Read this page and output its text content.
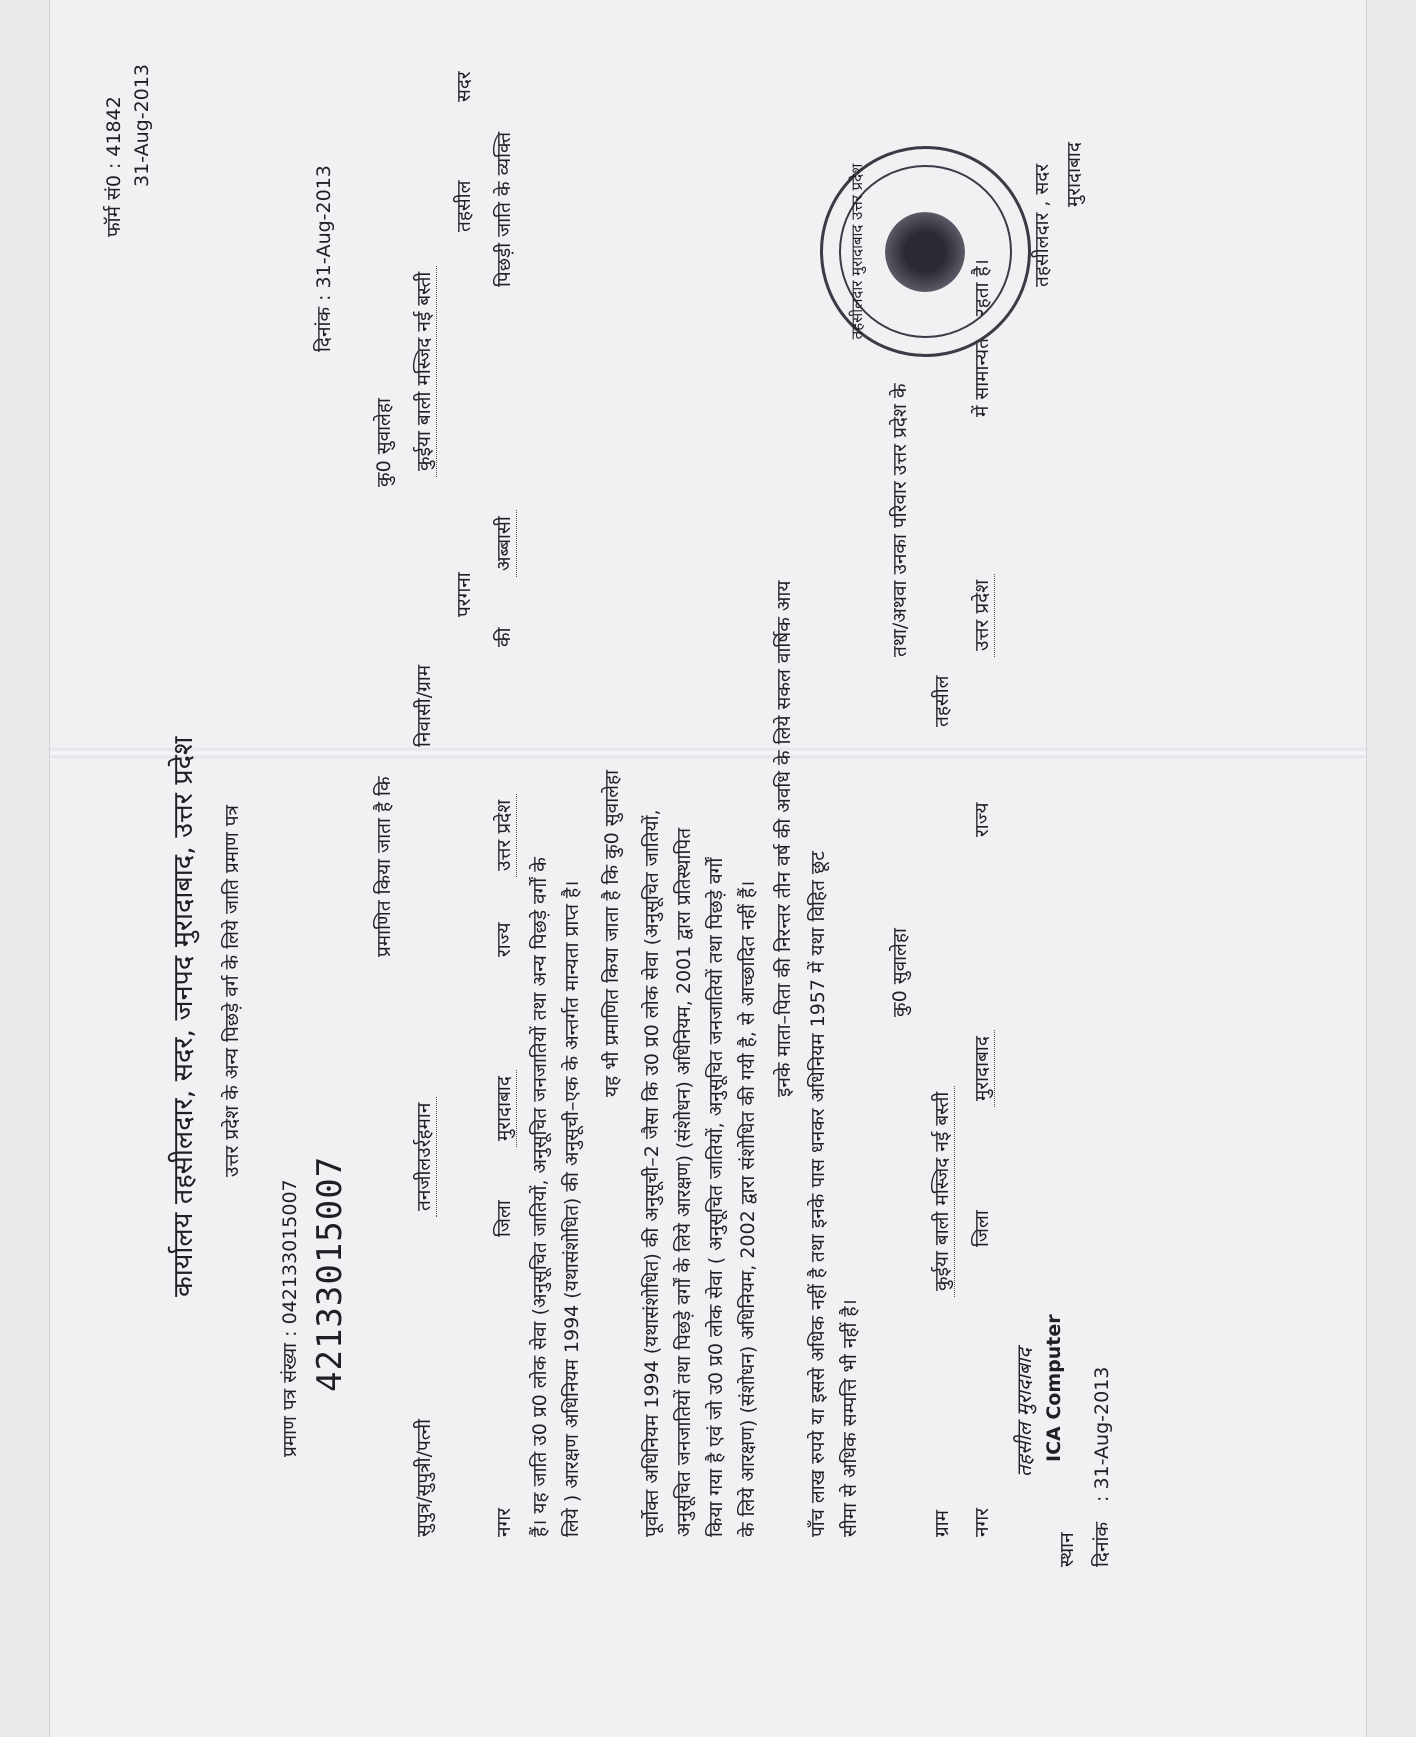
फॉर्म सं0 : 41842 31-Aug-2013
कार्यालय तहसीलदार, सदर, जनपद मुरादाबाद, उत्तर प्रदेश उत्तर प्रदेश के अन्य पिछड़े वर्ग के लिये जाति प्रमाण पत्र
प्रमाण पत्र संख्या : 042133015007 42133015007
दिनांक : 31-Aug-2013
प्रमाणित किया जाता है कि
कु0 सुवालेहा
सुपुत्र/सुपुत्री/पत्नी
तनजीलउर्रहमान
निवासी/ग्राम
कुईया बाली मस्जिद नई बस्ती
परगना
तहसील
सदर
नगर
जिला
मुरादाबाद
राज्य
उत्तर प्रदेश
की
अब्बासी
पिछड़ी जाति के व्यक्ति
हैं। यह जाति उ0 प्र0 लोक सेवा (अनुसूचित जातियों, अनुसूचित जनजातियों तथा अन्य पिछड़े वर्गों के लिये ) आरक्षण अधिनियम 1994 (यथासंशोधित) की अनुसूची–एक के अन्तर्गत मान्यता प्राप्त है। यह भी प्रमाणित किया जाता है कि कु0 सुवालेहा पूर्वोक्त अधिनियम 1994 (यथासंशोधित) की अनुसूची–2 जैसा कि उ0 प्र0 लोक सेवा (अनुसूचित जातियों, अनुसूचित जनजातियों तथा पिछड़े वर्गों के लिये आरक्षण) (संशोधन) अधिनियम, 2001 द्वारा प्रतिस्थापित किया गया है एवं जो उ0 प्र0 लोक सेवा ( अनुसूचित जातियों, अनुसूचित जनजातियों तथा पिछड़े वर्गों के लिये आरक्षण) (संशोधन) अधिनियम, 2002 द्वारा संशोधित की गयी है, से आच्छादित नहीं हैं।
इनके माता–पिता की निरन्तर तीन वर्ष की अवधि के लिये सकल वार्षिक आय
पाँच लाख रुपये या इससे अधिक नहीं है तथा इनके पास धनकर अधिनियम 1957 में यथा विहित छूट सीमा से अधिक सम्पत्ति भी नहीं है।
कु0 सुवालेहा
तथा/अथवा उनका परिवार उत्तर प्रदेश के
ग्राम
कुईया बाली मस्जिद नई बस्ती
तहसील
नगर
जिला
मुरादाबाद
राज्य
उत्तर प्रदेश
में सामान्यतया रहता है।
तहसील मुरादाबाद ICA Computer
स्थान दिनांक
: 31-Aug-2013
तहसीलदार , सदर मुरादाबाद
तहसीलदार मुरादाबाद उत्तर प्रदेश
